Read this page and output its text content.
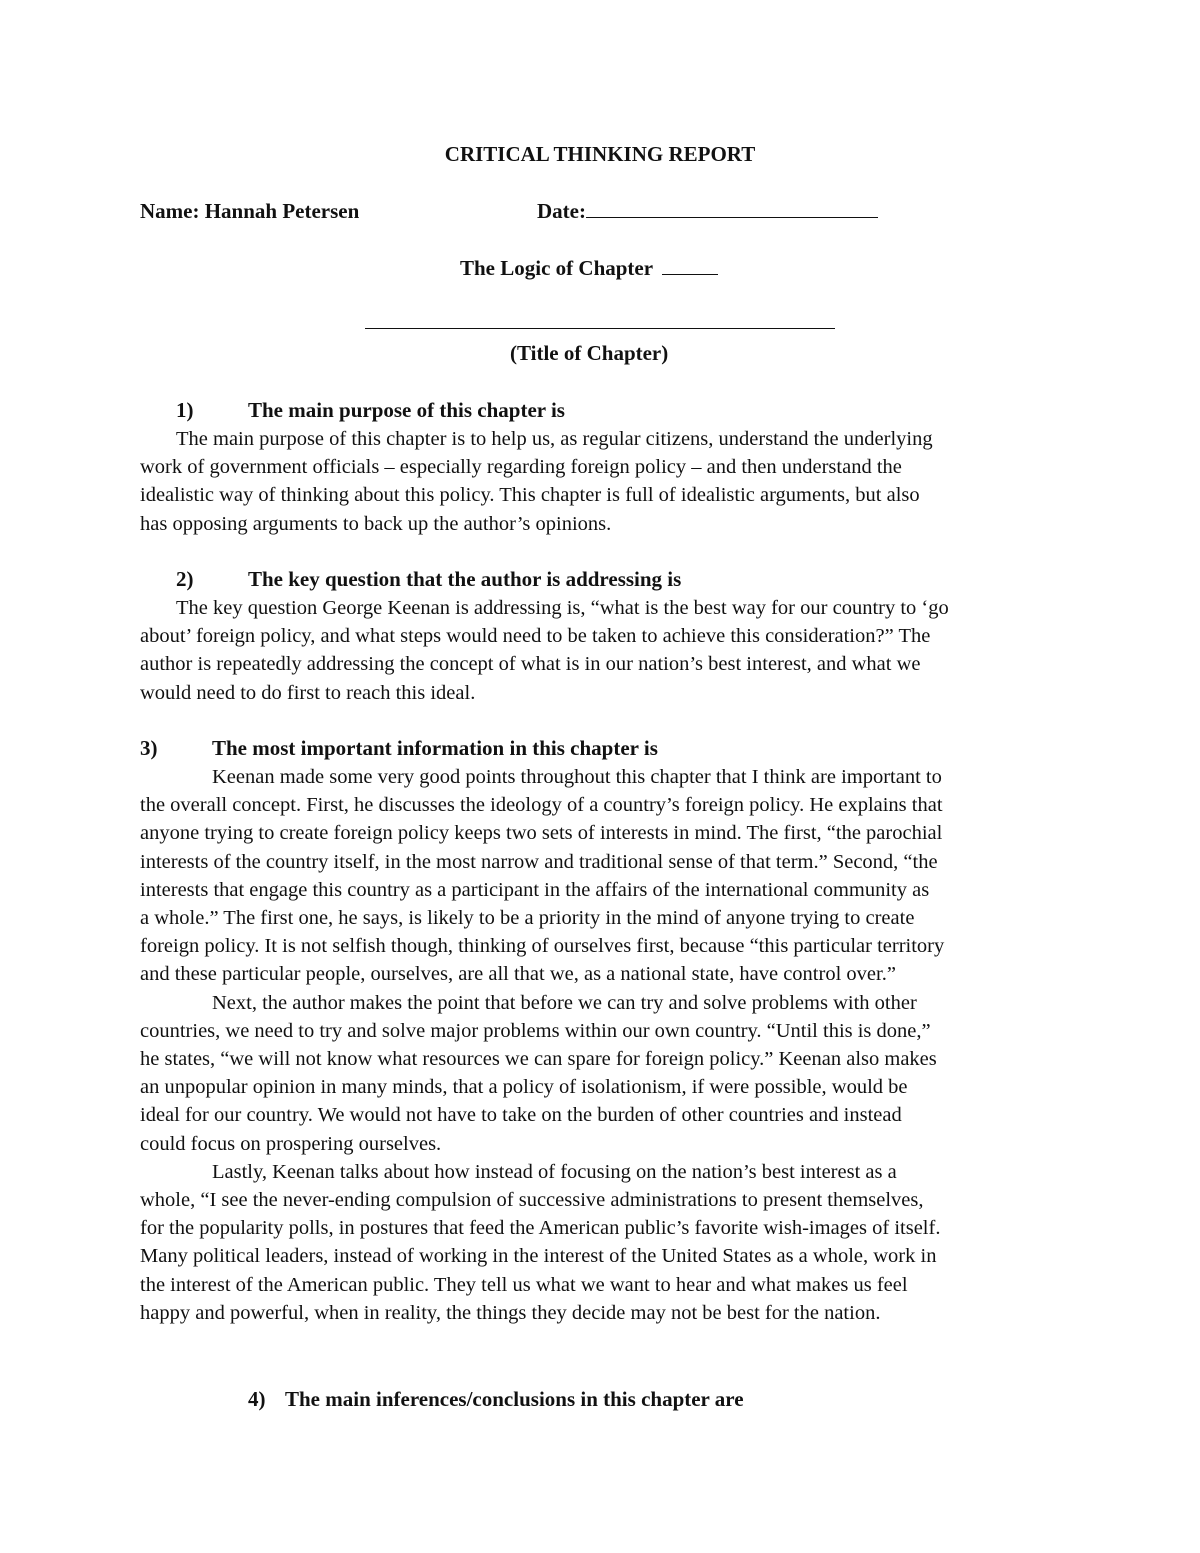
CRITICAL THINKING REPORT
Name: Hannah Petersen	Date:
The Logic of Chapter
(Title of Chapter)
1)	The main purpose of this chapter is
The main purpose of this chapter is to help us, as regular citizens, understand the underlying
work of government officials – especially regarding foreign policy – and then understand the
idealistic way of thinking about this policy. This chapter is full of idealistic arguments, but also
has opposing arguments to back up the author’s opinions.
2)	The key question that the author is addressing is
The key question George Keenan is addressing is, “what is the best way for our country to ‘go
about’ foreign policy, and what steps would need to be taken to achieve this consideration?” The
author is repeatedly addressing the concept of what is in our nation’s best interest, and what we
would need to do first to reach this ideal.
3)	The most important information in this chapter is
Keenan made some very good points throughout this chapter that I think are important to
the overall concept. First, he discusses the ideology of a country’s foreign policy. He explains that
anyone trying to create foreign policy keeps two sets of interests in mind. The first, “the parochial
interests of the country itself, in the most narrow and traditional sense of that term.” Second, “the
interests that engage this country as a participant in the affairs of the international community as
a whole.” The first one, he says, is likely to be a priority in the mind of anyone trying to create
foreign policy. It is not selfish though, thinking of ourselves first, because “this particular territory
and these particular people, ourselves, are all that we, as a national state, have control over.”
Next, the author makes the point that before we can try and solve problems with other
countries, we need to try and solve major problems within our own country. “Until this is done,”
he states, “we will not know what resources we can spare for foreign policy.” Keenan also makes
an unpopular opinion in many minds, that a policy of isolationism, if were possible, would be
ideal for our country. We would not have to take on the burden of other countries and instead
could focus on prospering ourselves.
Lastly, Keenan talks about how instead of focusing on the nation’s best interest as a
whole, “I see the never-ending compulsion of successive administrations to present themselves,
for the popularity polls, in postures that feed the American public’s favorite wish-images of itself.
Many political leaders, instead of working in the interest of the United States as a whole, work in
the interest of the American public. They tell us what we want to hear and what makes us feel
happy and powerful, when in reality, the things they decide may not be best for the nation.
4) The main inferences/conclusions in this chapter are
